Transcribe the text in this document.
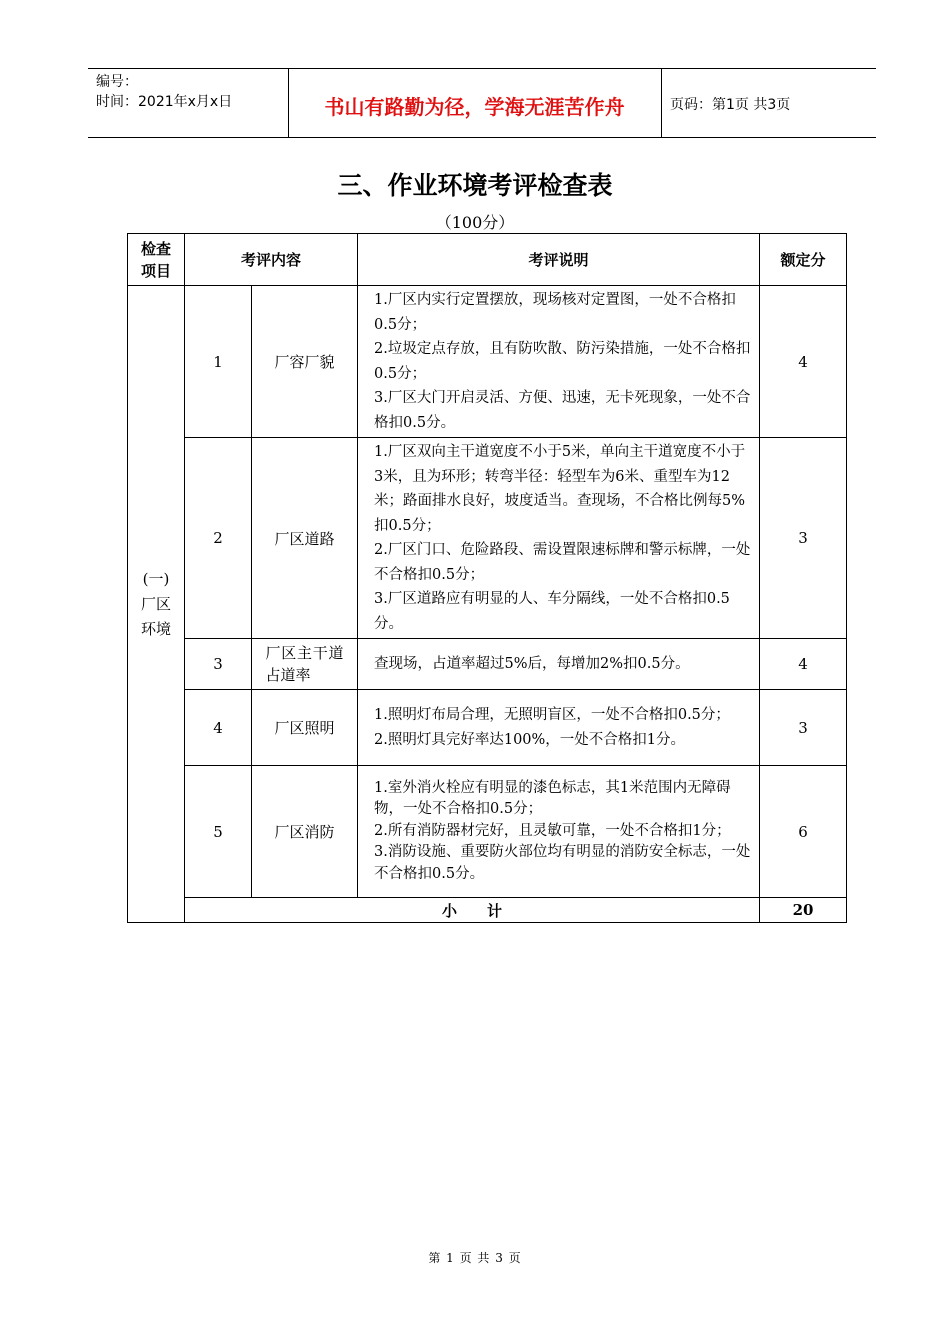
编号：
时间：2021年x月x日	书山有路勤为径，学海无涯苦作舟	页码：第1页 共3页
三、作业环境考评检查表
（100分）
检查项目	考评内容		考评说明	额定分

(一)厂区环境	1	厂容厂貌	1.厂区内实行定置摆放，现场核对定置图，一处不合格扣0.5分；
2.垃圾定点存放，且有防吹散、防污染措施，一处不合格扣0.5分；
3.厂区大门开启灵活、方便、迅速，无卡死现象，一处不合格扣0.5分。	4
	2	厂区道路	1.厂区双向主干道宽度不小于5米，单向主干道宽度不小于3米，且为环形；转弯半径：轻型车为6米、重型车为12米；路面排水良好，坡度适当。查现场，不合格比例每5%扣0.5分；
2.厂区门口、危险路段、需设置限速标牌和警示标牌，一处不合格扣0.5分；
3.厂区道路应有明显的人、车分隔线，一处不合格扣0.5分。	3
	3	厂区主干道占道率	查现场，占道率超过5%后，每增加2%扣0.5分。	4
	4	厂区照明	1.照明灯布局合理，无照明盲区，一处不合格扣0.5分；
2.照明灯具完好率达100%，一处不合格扣1分。	3
	5	厂区消防	1.室外消火栓应有明显的漆色标志，其1米范围内无障碍物，一处不合格扣0.5分；
2.所有消防器材完好，且灵敏可靠，一处不合格扣1分；
3.消防设施、重要防火部位均有明显的消防安全标志，一处不合格扣0.5分。	6
	小　　计			20
第 1 页 共 3 页
